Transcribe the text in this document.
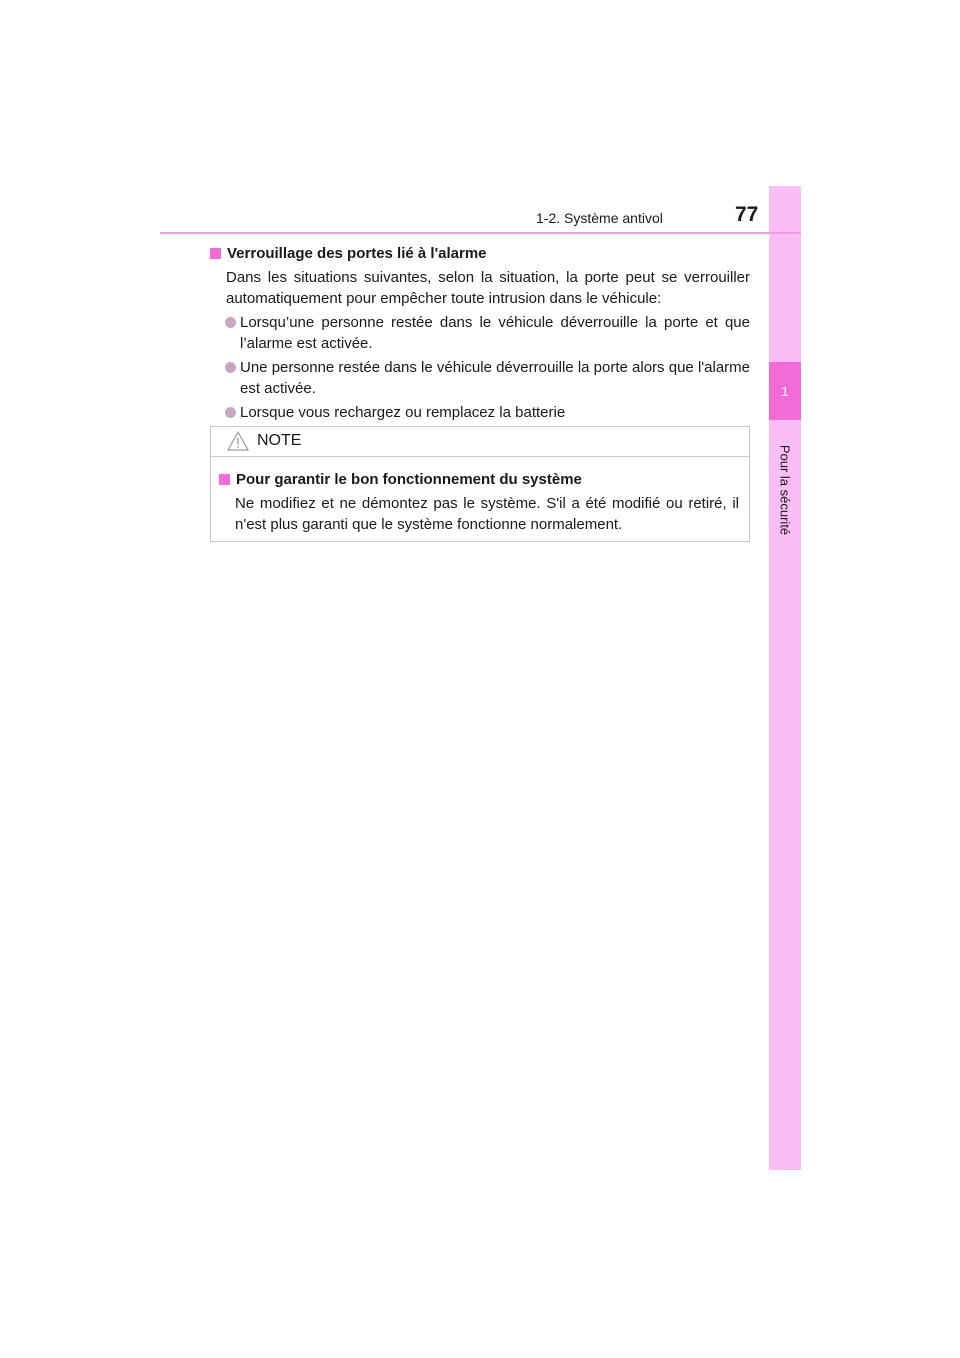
1
Pour la sécurité
1-2. Système antivol	77
Verrouillage des portes lié à l'alarme
Dans les situations suivantes, selon la situation, la porte peut se verrouiller automatiquement pour empêcher toute intrusion dans le véhicule:
Lorsqu’une personne restée dans le véhicule déverrouille la porte et que l’alarme est activée.
Une personne restée dans le véhicule déverrouille la porte alors que l'alarme est activée.
Lorsque vous rechargez ou remplacez la batterie
NOTE
Pour garantir le bon fonctionnement du système
Ne modifiez et ne démontez pas le système. S'il a été modifié ou retiré, il n'est plus garanti que le système fonctionne normalement.
